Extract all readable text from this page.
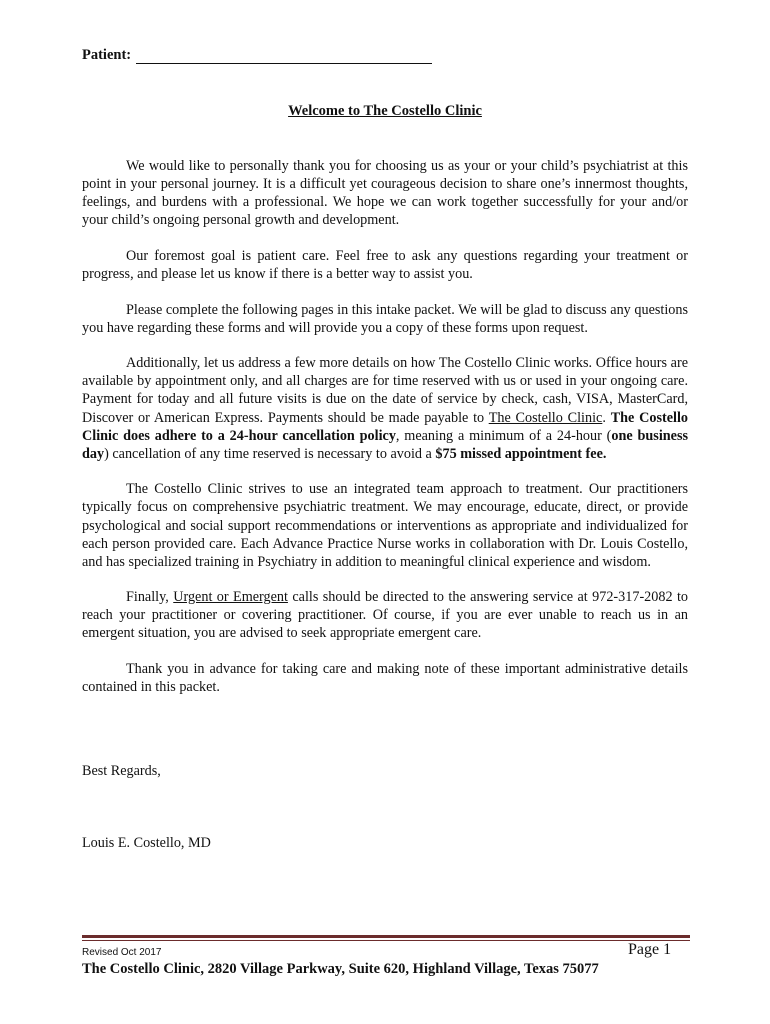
Patient:
Welcome to The Costello Clinic

We would like to personally thank you for choosing us as your or your child’s psychiatrist at this point in your personal journey. It is a difficult yet courageous decision to share one’s innermost thoughts, feelings, and burdens with a professional. We hope we can work together successfully for your and/or your child’s ongoing personal growth and development.

Our foremost goal is patient care. Feel free to ask any questions regarding your treatment or progress, and please let us know if there is a better way to assist you.

Please complete the following pages in this intake packet. We will be glad to discuss any questions you have regarding these forms and will provide you a copy of these forms upon request.

Additionally, let us address a few more details on how The Costello Clinic works. Office hours are available by appointment only, and all charges are for time reserved with us or used in your ongoing care. Payment for today and all future visits is due on the date of service by check, cash, VISA, MasterCard, Discover or American Express. Payments should be made payable to The Costello Clinic. The Costello Clinic does adhere to a 24-hour cancellation policy, meaning a minimum of a 24-hour (one business day) cancellation of any time reserved is necessary to avoid a $75 missed appointment fee.

The Costello Clinic strives to use an integrated team approach to treatment. Our practitioners typically focus on comprehensive psychiatric treatment. We may encourage, educate, direct, or provide psychological and social support recommendations or interventions as appropriate and individualized for each person provided care. Each Advance Practice Nurse works in collaboration with Dr. Louis Costello, and has specialized training in Psychiatry in addition to meaningful clinical experience and wisdom.

Finally, Urgent or Emergent calls should be directed to the answering service at 972-317-2082 to reach your practitioner or covering practitioner. Of course, if you are ever unable to reach us in an emergent situation, you are advised to seek appropriate emergent care.

Thank you in advance for taking care and making note of these important administrative details contained in this packet.

Best Regards,
Louis E. Costello, MD
Revised Oct 2017	Page 1
The Costello Clinic, 2820 Village Parkway, Suite 620, Highland Village, Texas 75077
